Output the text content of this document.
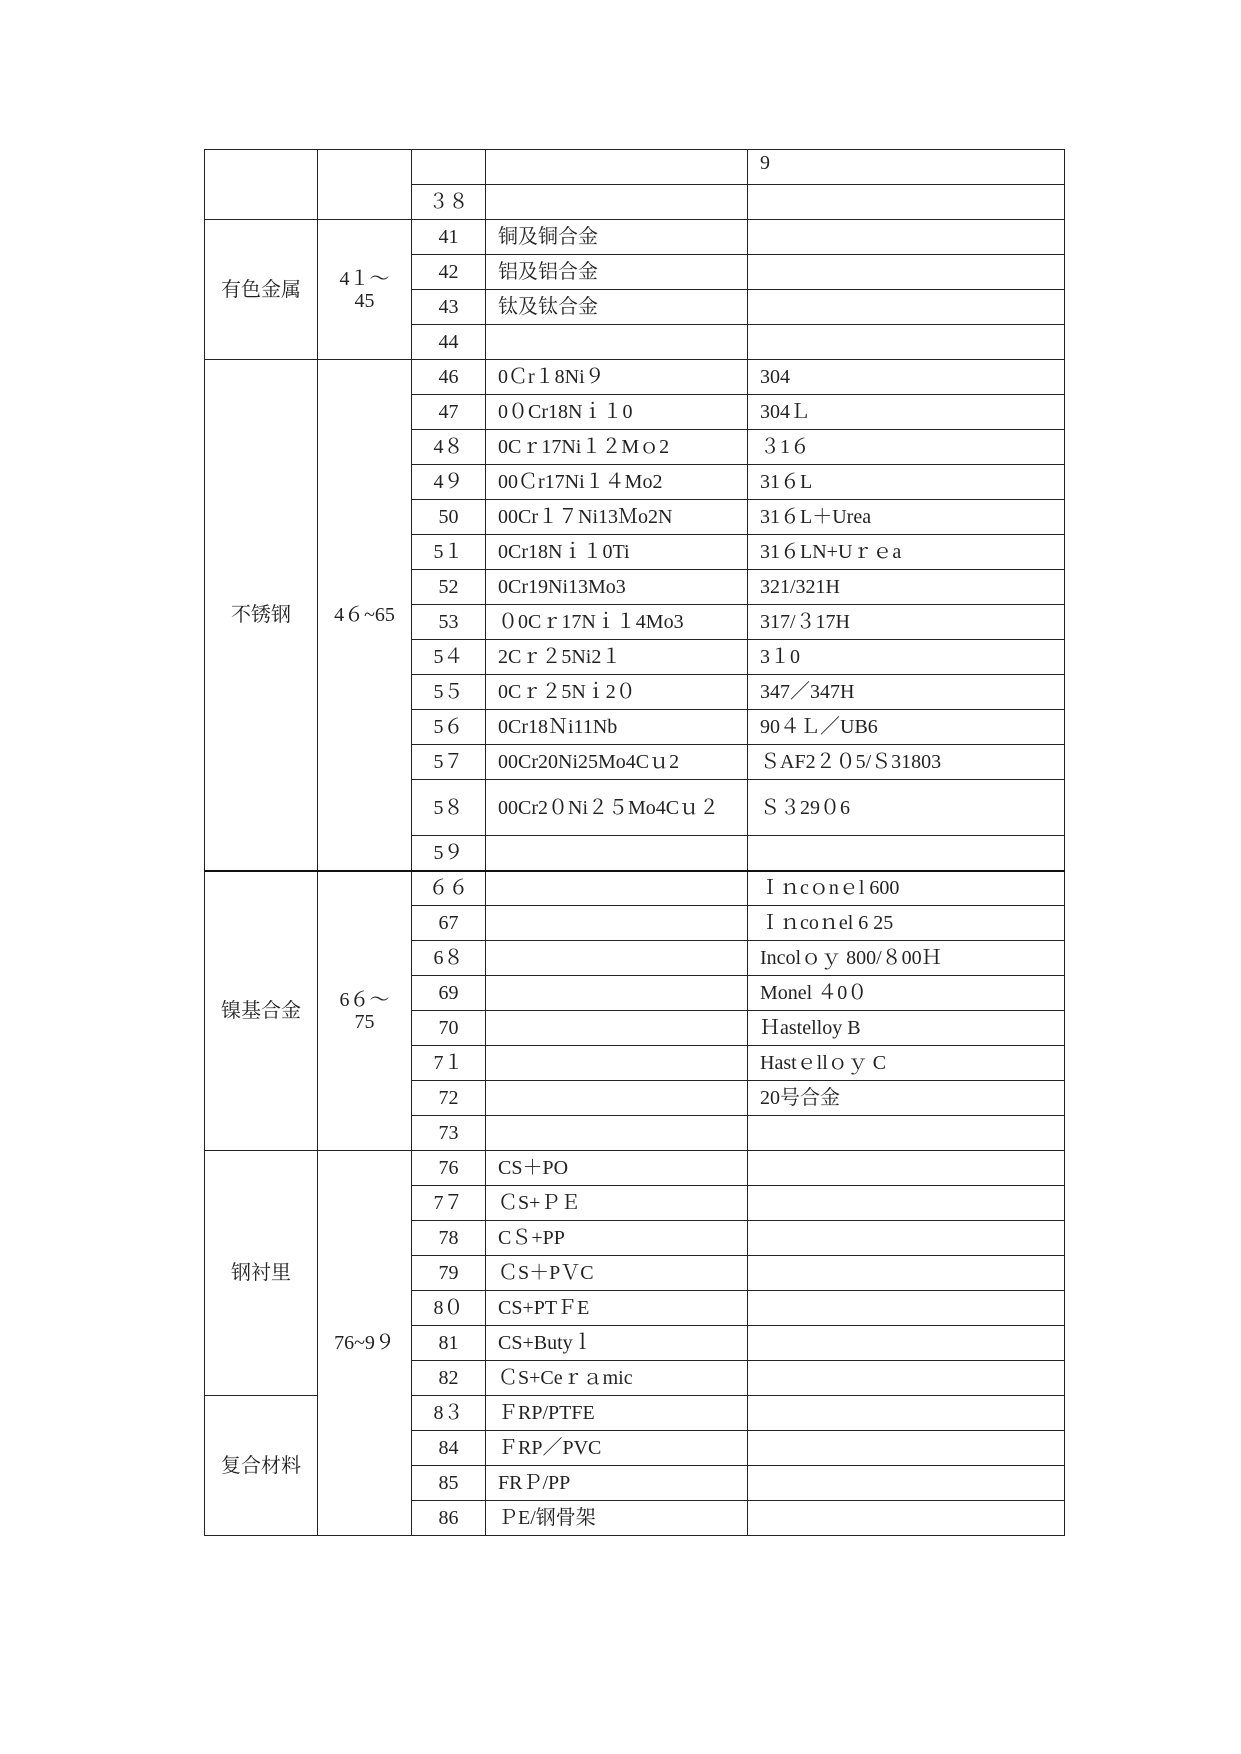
				9
		３８		
有色金属	4１～45	41	铜及铜合金	
		42	铝及铝合金	
		43	钛及钛合金	
		44		
不锈钢	4６~65	46	0Ｃr１8Ni９	304
		47	0０Cr18Nｉ１0	304Ｌ
		4８	0Cｒ17Ni１２Mｏ2	３1６
		4９	00Ｃr17Ni１４Mo2	31６L
		50	00Cr１７Ni13Ｍo2N	31６L＋Urea
		5１	0Cr18Nｉ１0Ti	31６LN+Uｒｅa
		52	0Cr19Ni13Mo3	321/321H
		53	０0Cｒ17Nｉ１4Mo3	317/３17H
		5４	2Cｒ２5Ni2１	3１0
		5５	0Cｒ２5Nｉ2０	347／347H
		5６	0Cr18Ｎi11Nb	90４Ｌ／UB6
		5７	00Cr20Ni25Mo4Cｕ2	ＳAF2２０5/Ｓ31803
		5８	00Cr2０Ni２５Mo4Cｕ２	Ｓ３29０6
		5９		
镍基合金	6６～75	６６		Ｉｎcｏnｅl 600
		67		Ｉｎcoｎel 6 25
		6８		Incolｏｙ 800/８00Ｈ
		69		Monel ４0０
		70		Ｈastelloy B
		7１		Hastｅllｏｙ C
		72		20号合金
		73		
钢衬里	76~9９	76	CS＋PO	
		7７	ＣS+ＰＥ	
		78	CＳ+PP	
		79	ＣS＋PＶC	
		8０	CS+PTＦE	
		81	CS+Butyｌ	
		82	ＣS+Ceｒａmic	
复合材料		8３	ＦRP/PTFE	
		84	ＦRP／PVC	
		85	FRＰ/PP	
		86	ＰE/钢骨架	
